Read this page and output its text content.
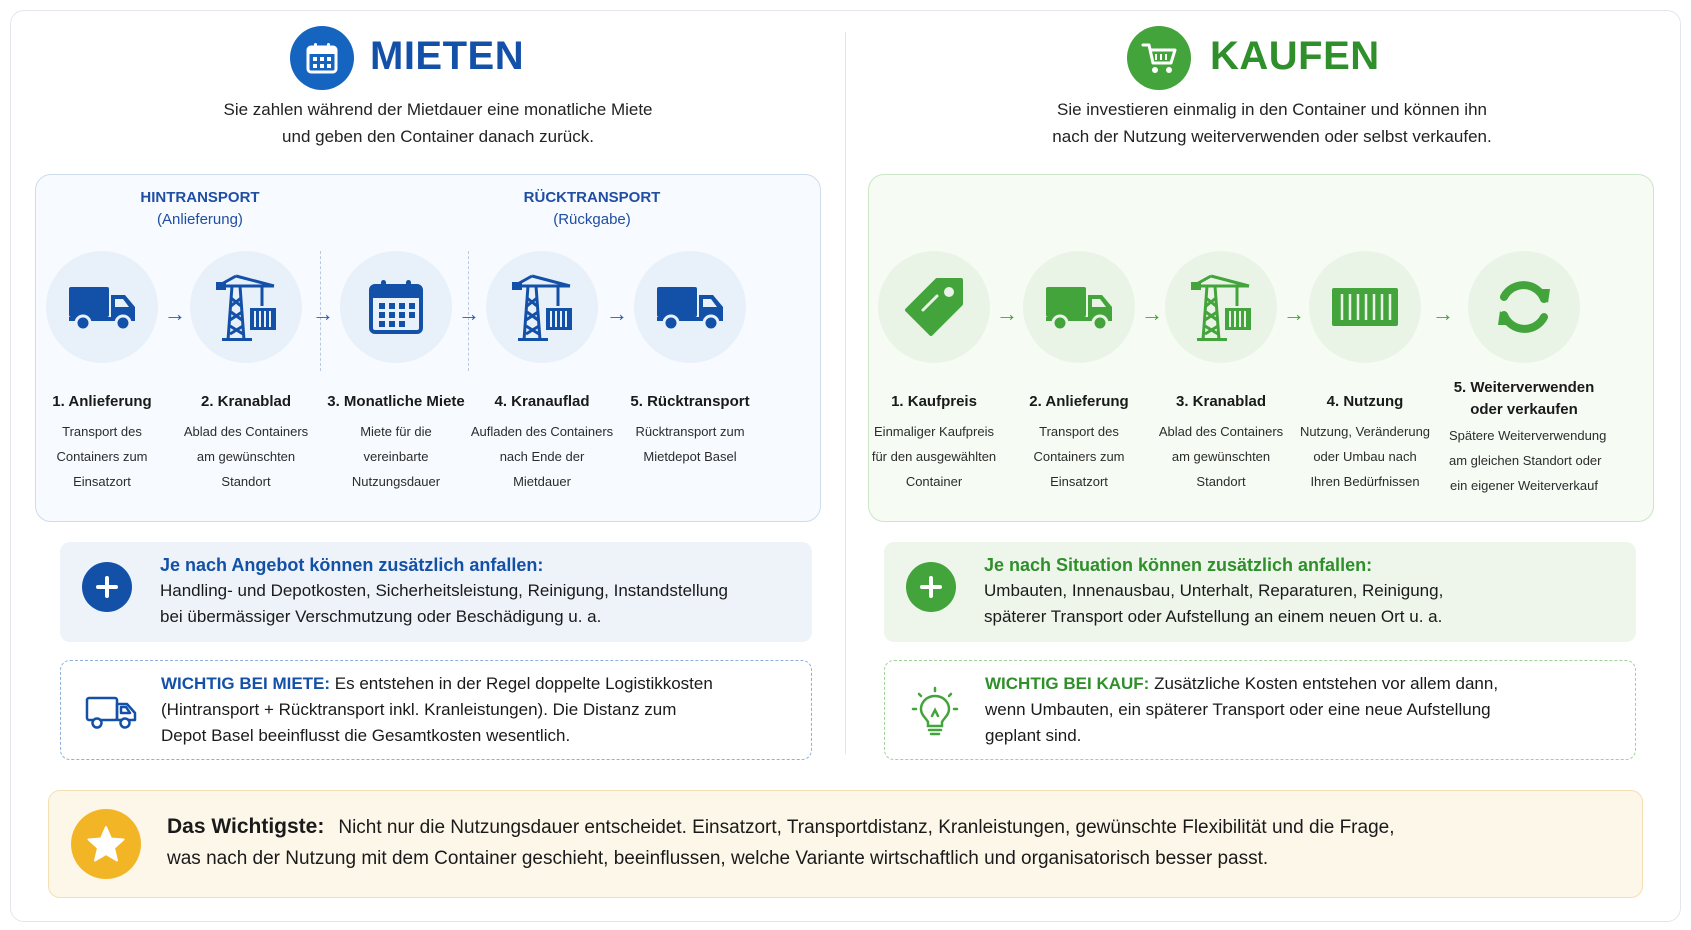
MIETEN
Sie zahlen während der Mietdauer eine monatliche Miete
und geben den Container danach zurück.
HINTRANSPORT
(Anlieferung)
RÜCKTRANSPORT
(Rückgabe)
1. Anlieferung
Transport des
Containers zum
Einsatzort
→
2. Kranablad
Ablad des Containers
am gewünschten
Standort
→
3. Monatliche Miete
Miete für die
vereinbarte
Nutzungsdauer
→
4. Kranauflad
Aufladen des Containers
nach Ende der
Mietdauer
→
5. Rücktransport
Rücktransport zum
Mietdepot Basel
Je nach Angebot können zusätzlich anfallen:
Handling- und Depotkosten, Sicherheitsleistung, Reinigung, Instandstellung
bei übermässiger Verschmutzung oder Beschädigung u. a.
WICHTIG BEI MIETE: Es entstehen in der Regel doppelte Logistikkosten
(Hintransport + Rücktransport inkl. Kranleistungen). Die Distanz zum
Depot Basel beeinflusst die Gesamtkosten wesentlich.
KAUFEN
Sie investieren einmalig in den Container und können ihn
nach der Nutzung weiterverwenden oder selbst verkaufen.
1. Kaufpreis
Einmaliger Kaufpreis
für den ausgewählten
Container
→
2. Anlieferung
Transport des
Containers zum
Einsatzort
→
3. Kranablad
Ablad des Containers
am gewünschten
Standort
→
4. Nutzung
Nutzung, Veränderung
oder Umbau nach
Ihren Bedürfnissen
→
5. Weiterverwenden
oder verkaufen
Spätere Weiterverwendung
am gleichen Standort oder
ein eigener Weiterverkauf
Je nach Situation können zusätzlich anfallen:
Umbauten, Innenausbau, Unterhalt, Reparaturen, Reinigung,
späterer Transport oder Aufstellung an einem neuen Ort u. a.
WICHTIG BEI KAUF: Zusätzliche Kosten entstehen vor allem dann,
wenn Umbauten, ein späterer Transport oder eine neue Aufstellung
geplant sind.
Das Wichtigste: Nicht nur die Nutzungsdauer entscheidet. Einsatzort, Transportdistanz, Kranleistungen, gewünschte Flexibilität und die Frage,
was nach der Nutzung mit dem Container geschieht, beeinflussen, welche Variante wirtschaftlich und organisatorisch besser passt.
